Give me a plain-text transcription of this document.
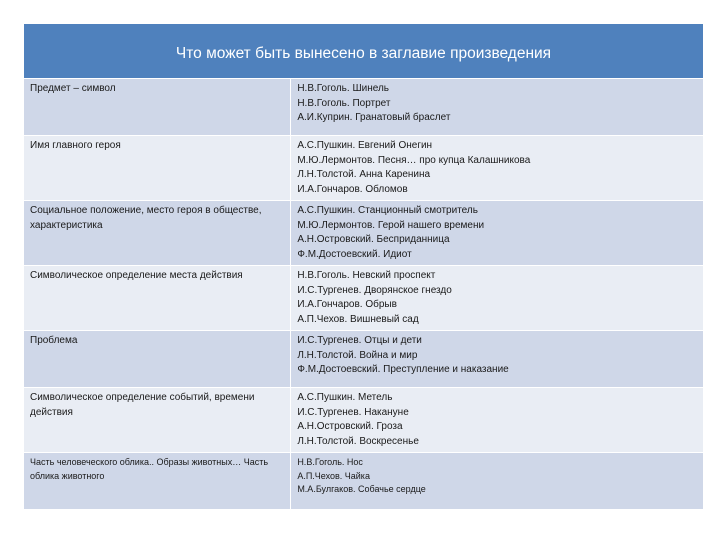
Что может быть вынесено в заглавие произведения	
Предмет – символ	Н.В.Гоголь. Шинель
Н.В.Гоголь. Портрет
А.И.Куприн. Гранатовый браслет

Имя главного героя	А.С.Пушкин. Евгений Онегин
М.Ю.Лермонтов. Песня… про купца Калашникова
Л.Н.Толстой. Анна Каренина
И.А.Гончаров. Обломов

Социальное положение, место героя в обществе, характеристика	А.С.Пушкин. Станционный смотритель
М.Ю.Лермонтов. Герой нашего времени
А.Н.Островский. Бесприданница
Ф.М.Достоевский. Идиот

Символическое определение места действия	Н.В.Гоголь. Невский проспект
И.С.Тургенев. Дворянское гнездо
И.А.Гончаров. Обрыв
А.П.Чехов. Вишневый сад

Проблема	И.С.Тургенев. Отцы и дети
Л.Н.Толстой. Война и мир
Ф.М.Достоевский. Преступление и наказание

Символическое определение событий, времени действия	А.С.Пушкин. Метель
И.С.Тургенев. Накануне
А.Н.Островский. Гроза
Л.Н.Толстой. Воскресенье

Часть человеческого облика.. Образы животных… Часть облика животного	Н.В.Гоголь. Нос
А.П.Чехов. Чайка
М.А.Булгаков. Собачье сердце
